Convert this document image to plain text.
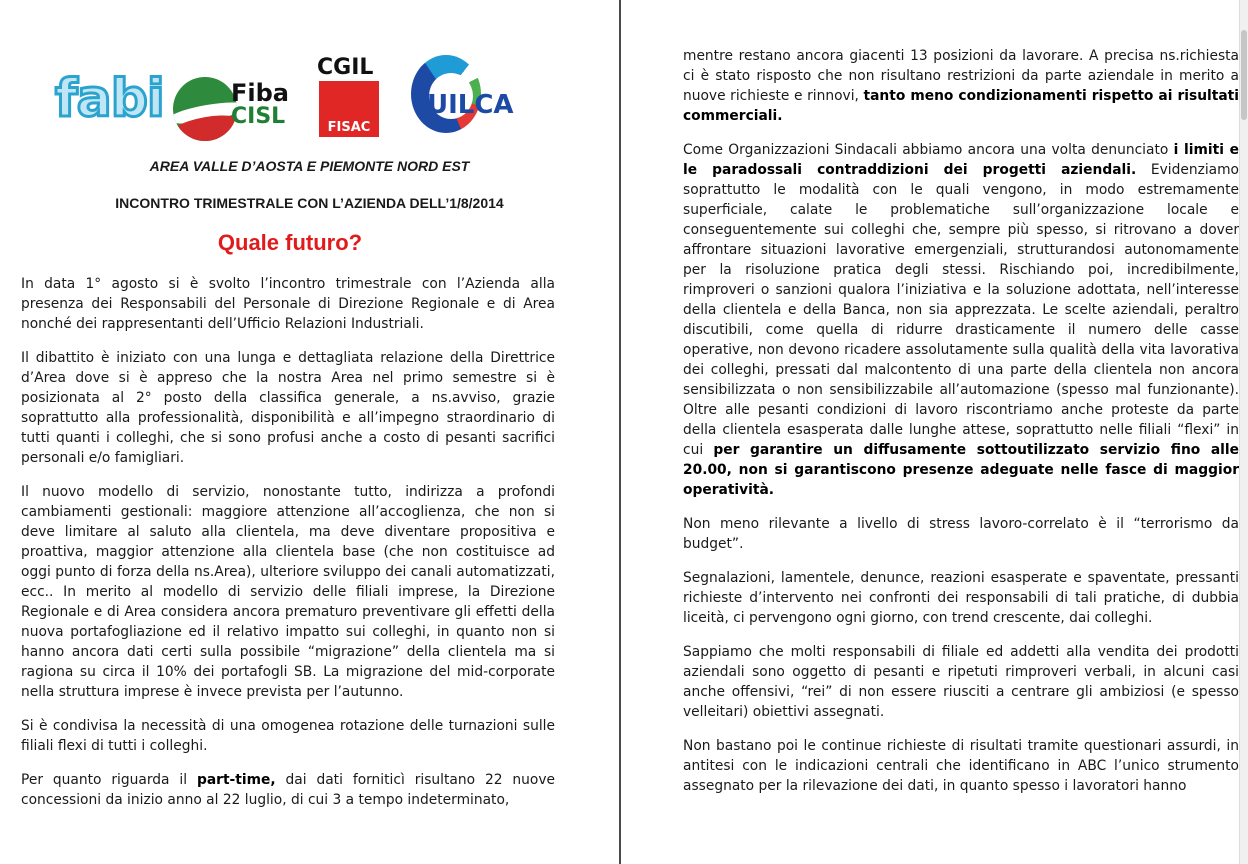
fabi	Fiba
CISL
CGIL
FISAC
UILCA
AREA VALLE D’AOSTA E PIEMONTE NORD EST
INCONTRO TRIMESTRALE CON L’AZIENDA DELL’1/8/2014
Quale futuro?

In data 1° agosto si è svolto l’incontro trimestrale con l’Azienda alla presenza dei Responsabili del Personale di Direzione Regionale e di Area nonché dei rappresentanti dell’Ufficio Relazioni Industriali.

Il dibattito è iniziato con una lunga e dettagliata relazione della Direttrice d’Area dove si è appreso che la nostra Area nel primo semestre si è posizionata al 2° posto della classifica generale, a ns.avviso, grazie soprattutto alla professionalità, disponibilità e all’impegno straordinario di tutti quanti i colleghi, che si sono profusi anche a costo di pesanti sacrifici personali e/o famigliari.

Il nuovo modello di servizio, nonostante tutto, indirizza a profondi cambiamenti gestionali: maggiore attenzione all’accoglienza, che non si deve limitare al saluto alla clientela, ma deve diventare propositiva e proattiva, maggior attenzione alla clientela base (che non costituisce ad oggi punto di forza della ns.Area), ulteriore sviluppo dei canali automatizzati, ecc.. In merito al modello di servizio delle filiali imprese, la Direzione Regionale e di Area considera ancora prematuro preventivare gli effetti della nuova portafogliazione ed il relativo impatto sui colleghi, in quanto non si hanno ancora dati certi sulla possibile “migrazione” della clientela ma si ragiona su circa il 10% dei portafogli SB. La migrazione del mid-corporate nella struttura imprese è invece prevista per l’autunno.

Si è condivisa la necessità di una omogenea rotazione delle turnazioni sulle filiali flexi di tutti i colleghi.

Per quanto riguarda il part-time, dai dati forniticì risultano 22 nuove concessioni da inizio anno al 22 luglio, di cui 3 a tempo indeterminato,

mentre restano ancora giacenti 13 posizioni da lavorare. A precisa ns.richiesta ci è stato risposto che non risultano restrizioni da parte aziendale in merito a nuove richieste e rinnovi, tanto meno condizionamenti rispetto ai risultati commerciali.

Come Organizzazioni Sindacali abbiamo ancora una volta denunciato i limiti e le paradossali contraddizioni dei progetti aziendali. Evidenziamo soprattutto le modalità con le quali vengono, in modo estremamente superficiale, calate le problematiche sull’organizzazione locale e conseguentemente sui colleghi che, sempre più spesso, si ritrovano a dover affrontare situazioni lavorative emergenziali, strutturandosi autonomamente per la risoluzione pratica degli stessi. Rischiando poi, incredibilmente, rimproveri o sanzioni qualora l’iniziativa e la soluzione adottata, nell’interesse della clientela e della Banca, non sia apprezzata. Le scelte aziendali, peraltro discutibili, come quella di ridurre drasticamente il numero delle casse operative, non devono ricadere assolutamente sulla qualità della vita lavorativa dei colleghi, pressati dal malcontento di una parte della clientela non ancora sensibilizzata o non sensibilizzabile all’automazione (spesso mal funzionante). Oltre alle pesanti condizioni di lavoro riscontriamo anche proteste da parte della clientela esasperata dalle lunghe attese, soprattutto nelle filiali “flexi” in cui per garantire un diffusamente sottoutilizzato servizio fino alle 20.00, non si garantiscono presenze adeguate nelle fasce di maggior operatività.

Non meno rilevante a livello di stress lavoro-correlato è il “terrorismo da budget”.

Segnalazioni, lamentele, denunce, reazioni esasperate e spaventate, pressanti richieste d’intervento nei confronti dei responsabili di tali pratiche, di dubbia liceità, ci pervengono ogni giorno, con trend crescente, dai colleghi.

Sappiamo che molti responsabili di filiale ed addetti alla vendita dei prodotti aziendali sono oggetto di pesanti e ripetuti rimproveri verbali, in alcuni casi anche offensivi, “rei” di non essere riusciti a centrare gli ambiziosi (e spesso velleitari) obiettivi assegnati.

Non bastano poi le continue richieste di risultati tramite questionari assurdi, in antitesi con le indicazioni centrali che identificano in ABC l’unico strumento assegnato per la rilevazione dei dati, in quanto spesso i lavoratori hanno
